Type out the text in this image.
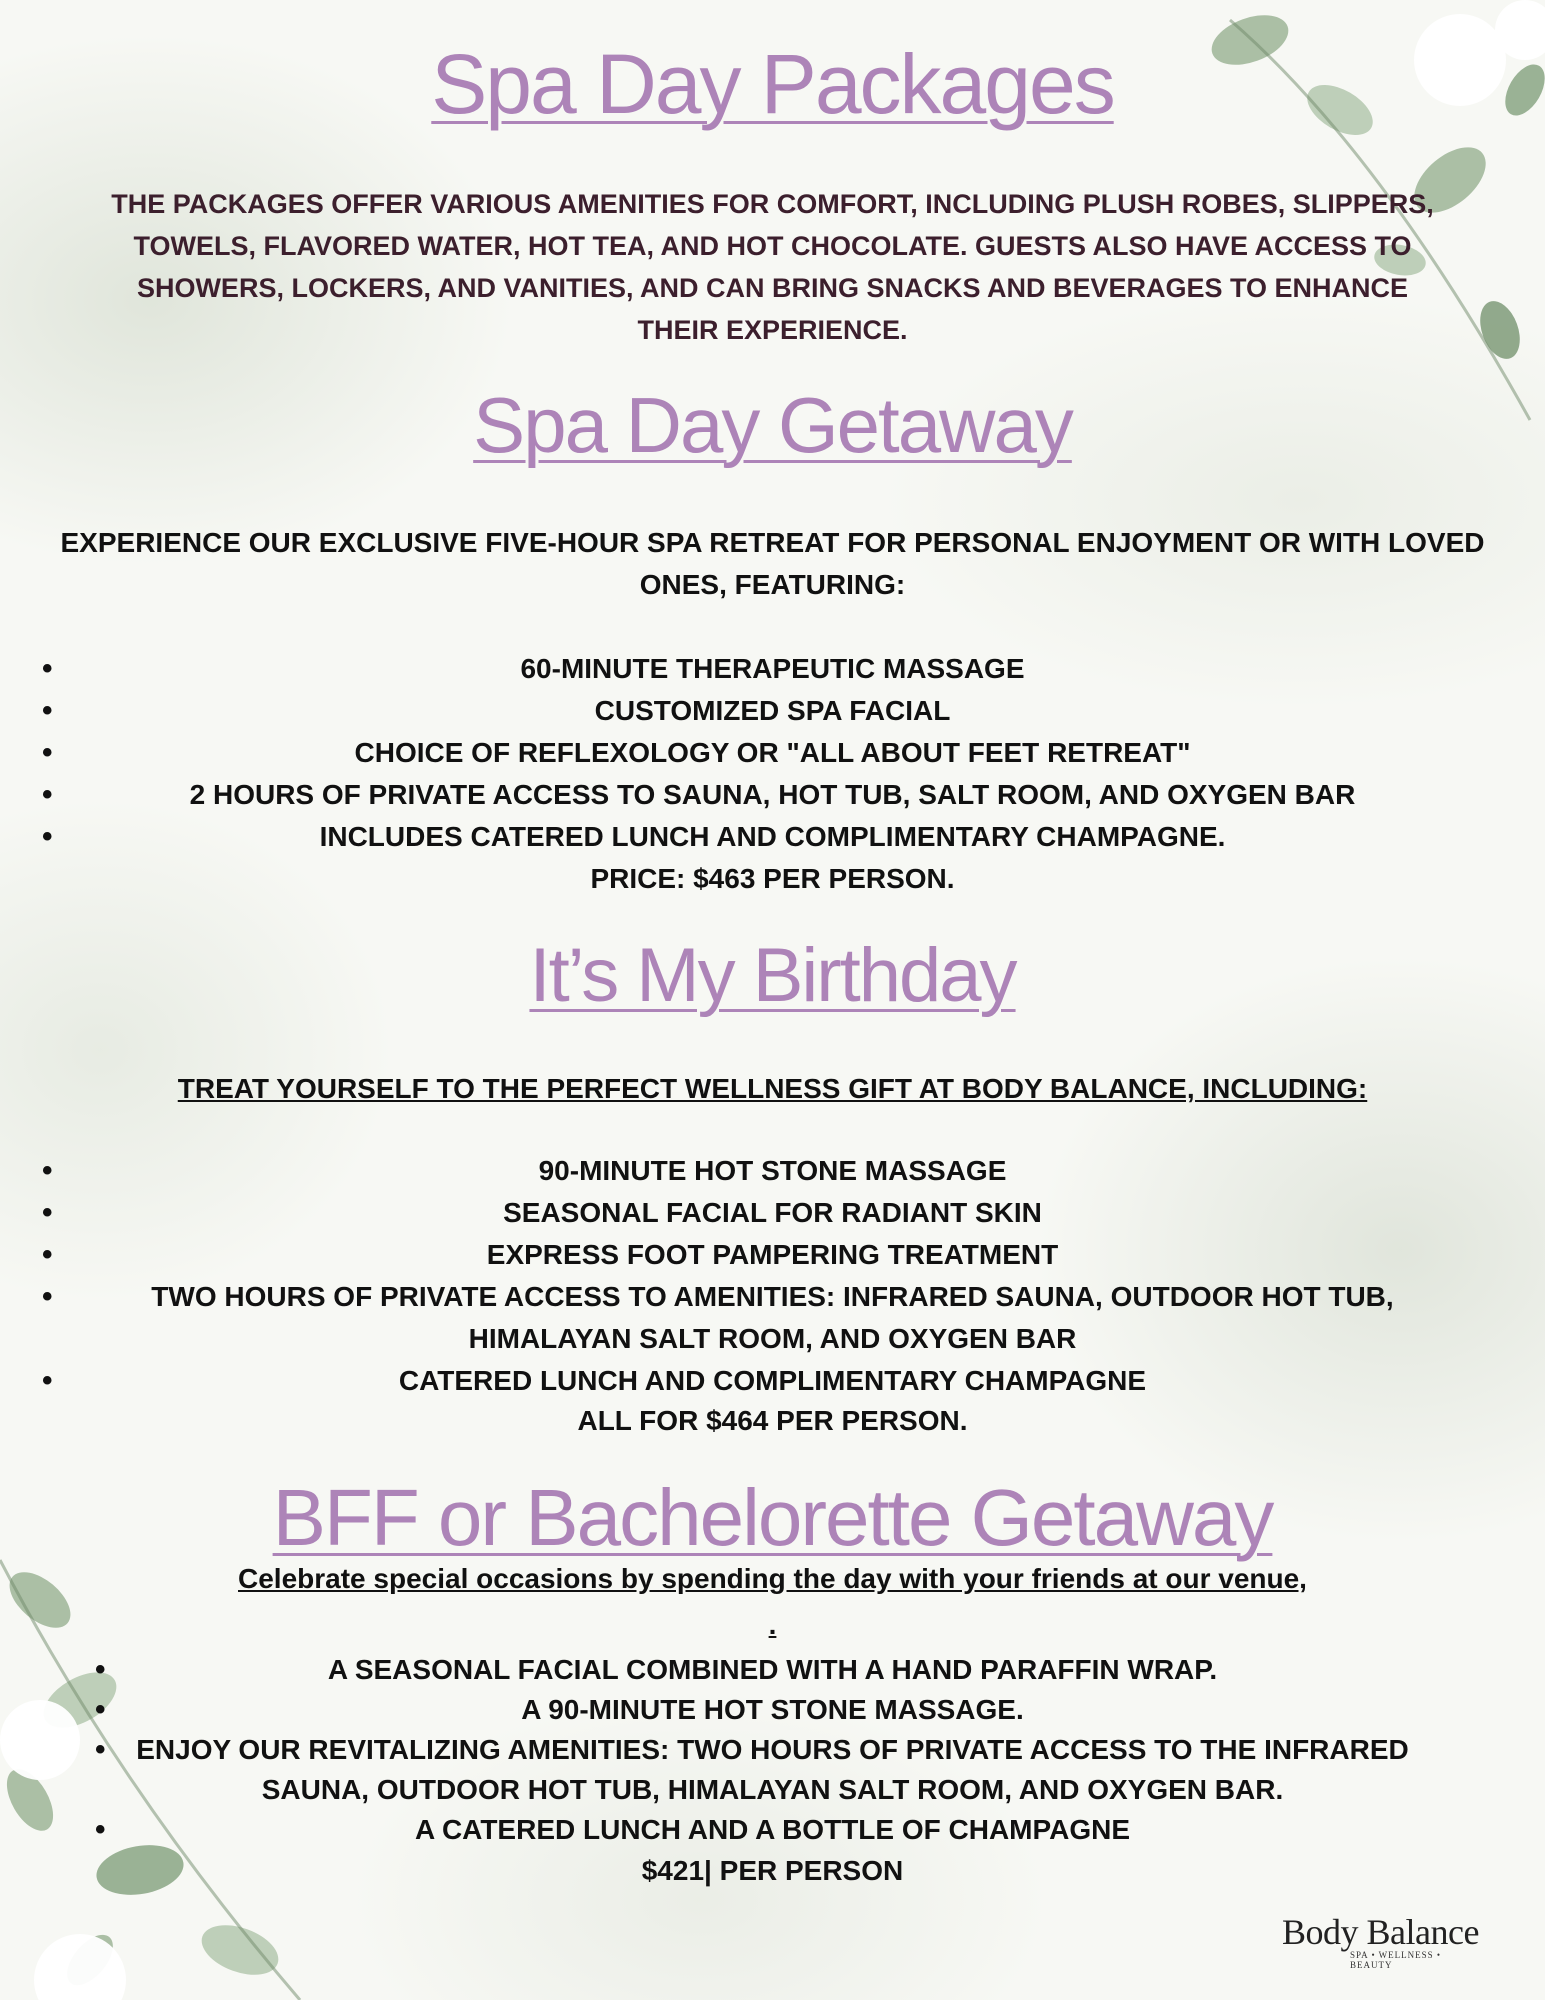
Spa Day Packages

THE PACKAGES OFFER VARIOUS AMENITIES FOR COMFORT, INCLUDING PLUSH ROBES, SLIPPERS, TOWELS, FLAVORED WATER, HOT TEA, AND HOT CHOCOLATE. GUESTS ALSO HAVE ACCESS TO SHOWERS, LOCKERS, AND VANITIES, AND CAN BRING SNACKS AND BEVERAGES TO ENHANCE THEIR EXPERIENCE.

Spa Day Getaway

EXPERIENCE OUR EXCLUSIVE FIVE-HOUR SPA RETREAT FOR PERSONAL ENJOYMENT OR WITH LOVED ONES, FEATURING:

• 60-MINUTE THERAPEUTIC MASSAGE
• CUSTOMIZED SPA FACIAL
• CHOICE OF REFLEXOLOGY OR "ALL ABOUT FEET RETREAT"
• 2 HOURS OF PRIVATE ACCESS TO SAUNA, HOT TUB, SALT ROOM, AND OXYGEN BAR
• INCLUDES CATERED LUNCH AND COMPLIMENTARY CHAMPAGNE.

PRICE: $463 PER PERSON.

It’s My Birthday

TREAT YOURSELF TO THE PERFECT WELLNESS GIFT AT BODY BALANCE, INCLUDING:

• 90-MINUTE HOT STONE MASSAGE
• SEASONAL FACIAL FOR RADIANT SKIN
• EXPRESS FOOT PAMPERING TREATMENT
• TWO HOURS OF PRIVATE ACCESS TO AMENITIES: INFRARED SAUNA, OUTDOOR HOT TUB, HIMALAYAN SALT ROOM, AND OXYGEN BAR
• CATERED LUNCH AND COMPLIMENTARY CHAMPAGNE

ALL FOR $464 PER PERSON.

BFF or Bachelorette Getaway

Celebrate special occasions by spending the day with your friends at our venue,

.

• A SEASONAL FACIAL COMBINED WITH A HAND PARAFFIN WRAP.
• A 90-MINUTE HOT STONE MASSAGE.
• ENJOY OUR REVITALIZING AMENITIES: TWO HOURS OF PRIVATE ACCESS TO THE INFRARED SAUNA, OUTDOOR HOT TUB, HIMALAYAN SALT ROOM, AND OXYGEN BAR.
• A CATERED LUNCH AND A BOTTLE OF CHAMPAGNE

$421| PER PERSON

Body Balance
SPA • WELLNESS • BEAUTY
